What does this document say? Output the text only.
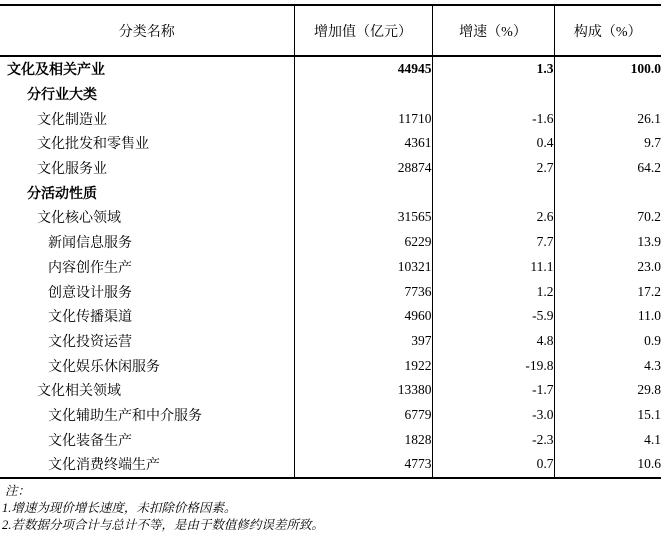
分类名称	增加值（亿元）	增速（%）	构成（%）
文化及相关产业	44945	1.3	100.0
分行业大类			
文化制造业	11710	-1.6	26.1
文化批发和零售业	4361	0.4	9.7
文化服务业	28874	2.7	64.2
分活动性质			
文化核心领域	31565	2.6	70.2
新闻信息服务	6229	7.7	13.9
内容创作生产	10321	11.1	23.0
创意设计服务	7736	1.2	17.2
文化传播渠道	4960	-5.9	11.0
文化投资运营	397	4.8	0.9
文化娱乐休闲服务	1922	-19.8	4.3
文化相关领域	13380	-1.7	29.8
文化辅助生产和中介服务	6779	-3.0	15.1
文化装备生产	1828	-2.3	4.1
文化消费终端生产	4773	0.7	10.6
注：
1.增速为现价增长速度，未扣除价格因素。
2.若数据分项合计与总计不等，是由于数值修约误差所致。
